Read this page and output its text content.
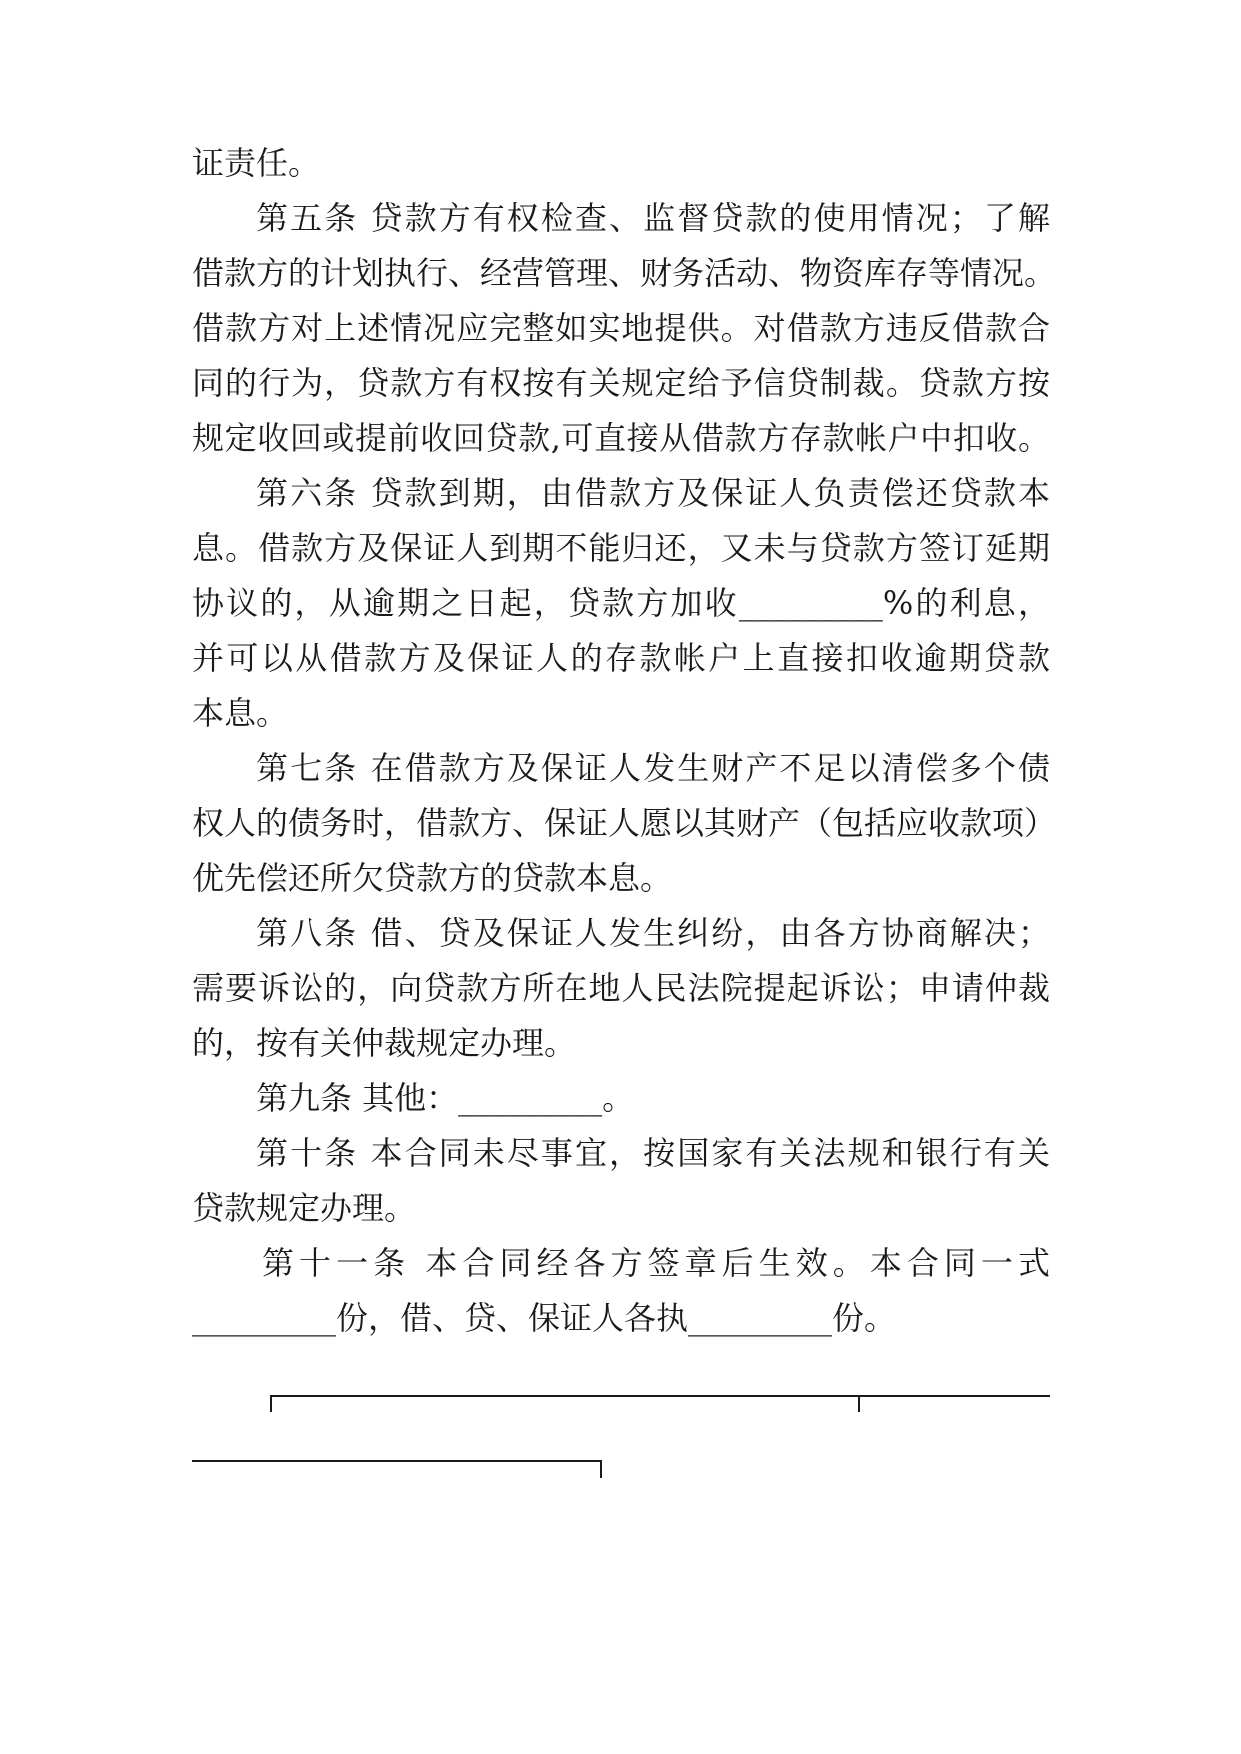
证责任。
第五条 贷款方有权检查、监督贷款的使用情况；了解
借款方的计划执行、经营管理、财务活动、物资库存等情况。
借款方对上述情况应完整如实地提供。对借款方违反借款合
同的行为，贷款方有权按有关规定给予信贷制裁。贷款方按
规定收回或提前收回贷款,可直接从借款方存款帐户中扣收。
第六条 贷款到期，由借款方及保证人负责偿还贷款本
息。借款方及保证人到期不能归还，又未与贷款方签订延期
协议的，从逾期之日起，贷款方加收_________%的利息，
并可以从借款方及保证人的存款帐户上直接扣收逾期贷款
本息。
第七条 在借款方及保证人发生财产不足以清偿多个债
权人的债务时，借款方、保证人愿以其财产（包括应收款项）
优先偿还所欠贷款方的贷款本息。
第八条 借、贷及保证人发生纠纷，由各方协商解决；
需要诉讼的，向贷款方所在地人民法院提起诉讼；申请仲裁
的，按有关仲裁规定办理。
第九条 其他：_________。
第十条 本合同未尽事宜，按国家有关法规和银行有关
贷款规定办理。
第十一条 本合同经各方签章后生效。本合同一式
_________份，借、贷、保证人各执_________份。
